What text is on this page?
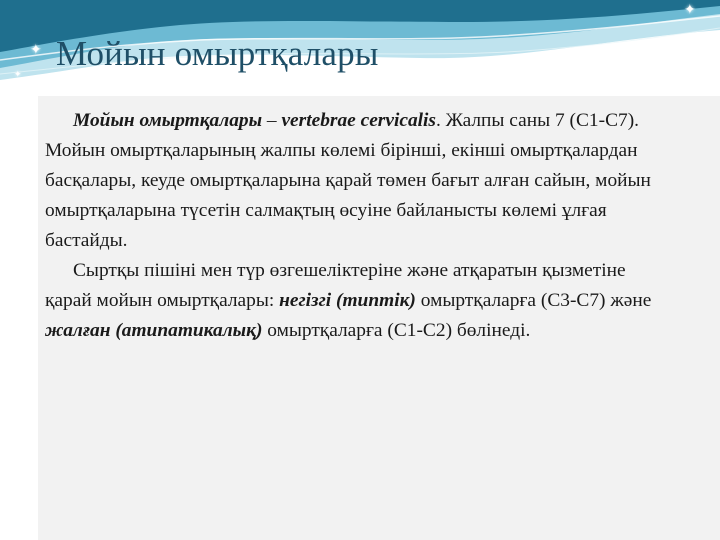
✦
✦
✦
Мойын омыртқалары

Мойын омыртқалары – vertebrae cervicalis. Жалпы саны 7 (С1-С7). Мойын омыртқаларының жалпы көлемі бірінші, екінші омыртқалардан басқалары, кеуде омыртқаларына қарай төмен бағыт алған сайын, мойын омыртқаларына түсетін салмақтың өсуіне байланысты көлемі ұлғая бастайды.

Сыртқы пішіні мен түр өзгешеліктеріне және атқаратын қызметіне қарай мойын омыртқалары: негізгі (типтік) омыртқаларға (С3-С7) және жалған (атипатикалық) омыртқаларға (С1-С2) бөлінеді.
